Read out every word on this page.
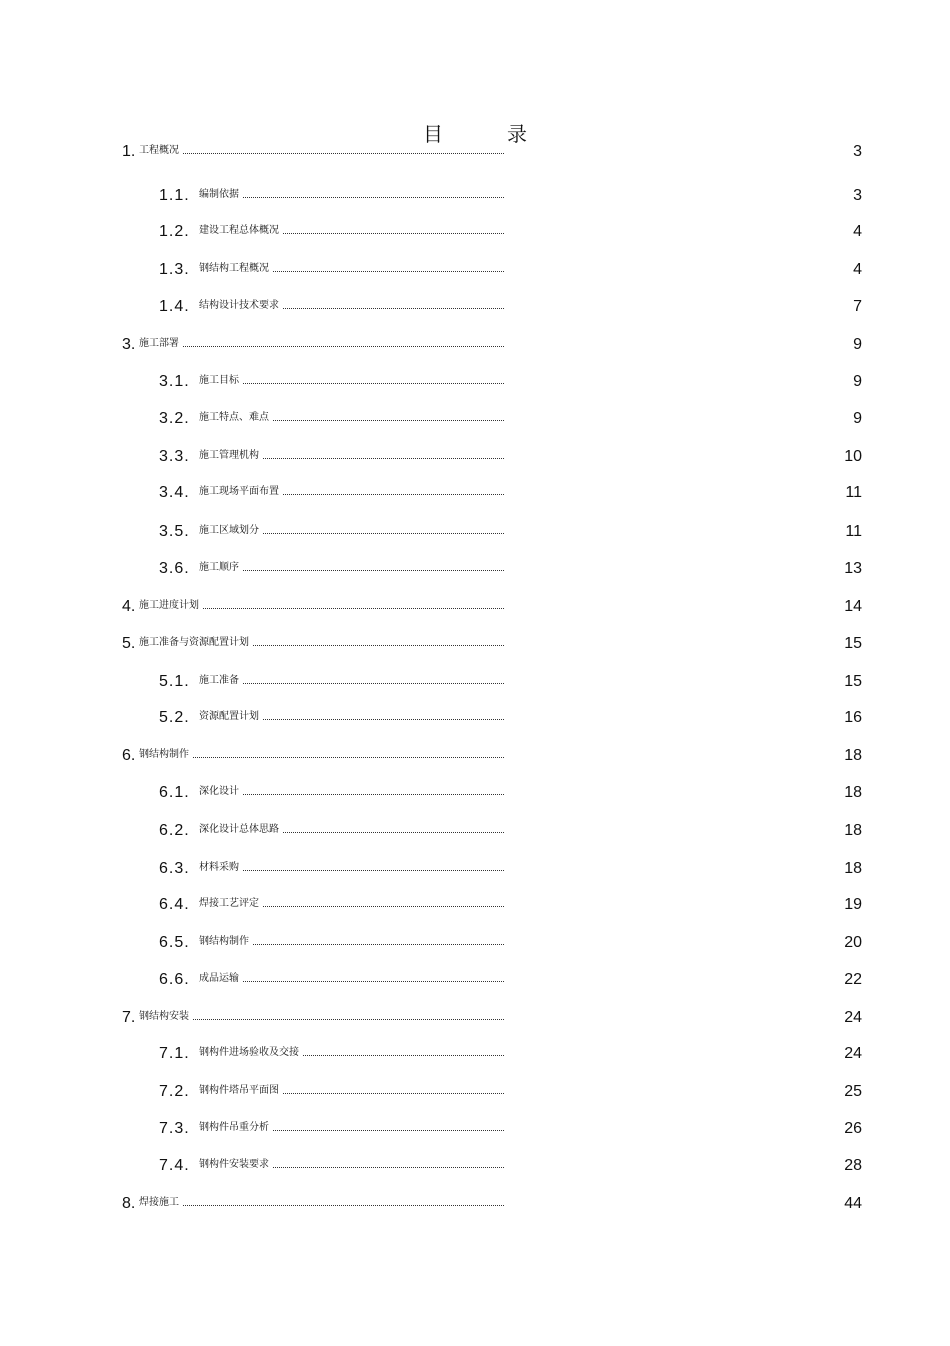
目	录
1. 工程概况	3
1.1. 编制依据	3
1.2. 建设工程总体概况	4
1.3. 钢结构工程概况	4
1.4. 结构设计技术要求	7
3. 施工部署	9
3.1. 施工目标	9
3.2. 施工特点、难点	9
3.3. 施工管理机构	10
3.4. 施工现场平面布置	11
3.5. 施工区域划分	11
3.6. 施工顺序	13
4. 施工进度计划	14
5. 施工准备与资源配置计划	15
5.1. 施工准备	15
5.2. 资源配置计划	16
6. 钢结构制作	18
6.1. 深化设计	18
6.2. 深化设计总体思路	18
6.3. 材料采购	18
6.4. 焊接工艺评定	19
6.5. 钢结构制作	20
6.6. 成品运输	22
7. 钢结构安装	24
7.1. 钢构件进场验收及交接	24
7.2. 钢构件塔吊平面图	25
7.3. 钢构件吊重分析	26
7.4. 钢构件安装要求	28
8. 焊接施工	44
